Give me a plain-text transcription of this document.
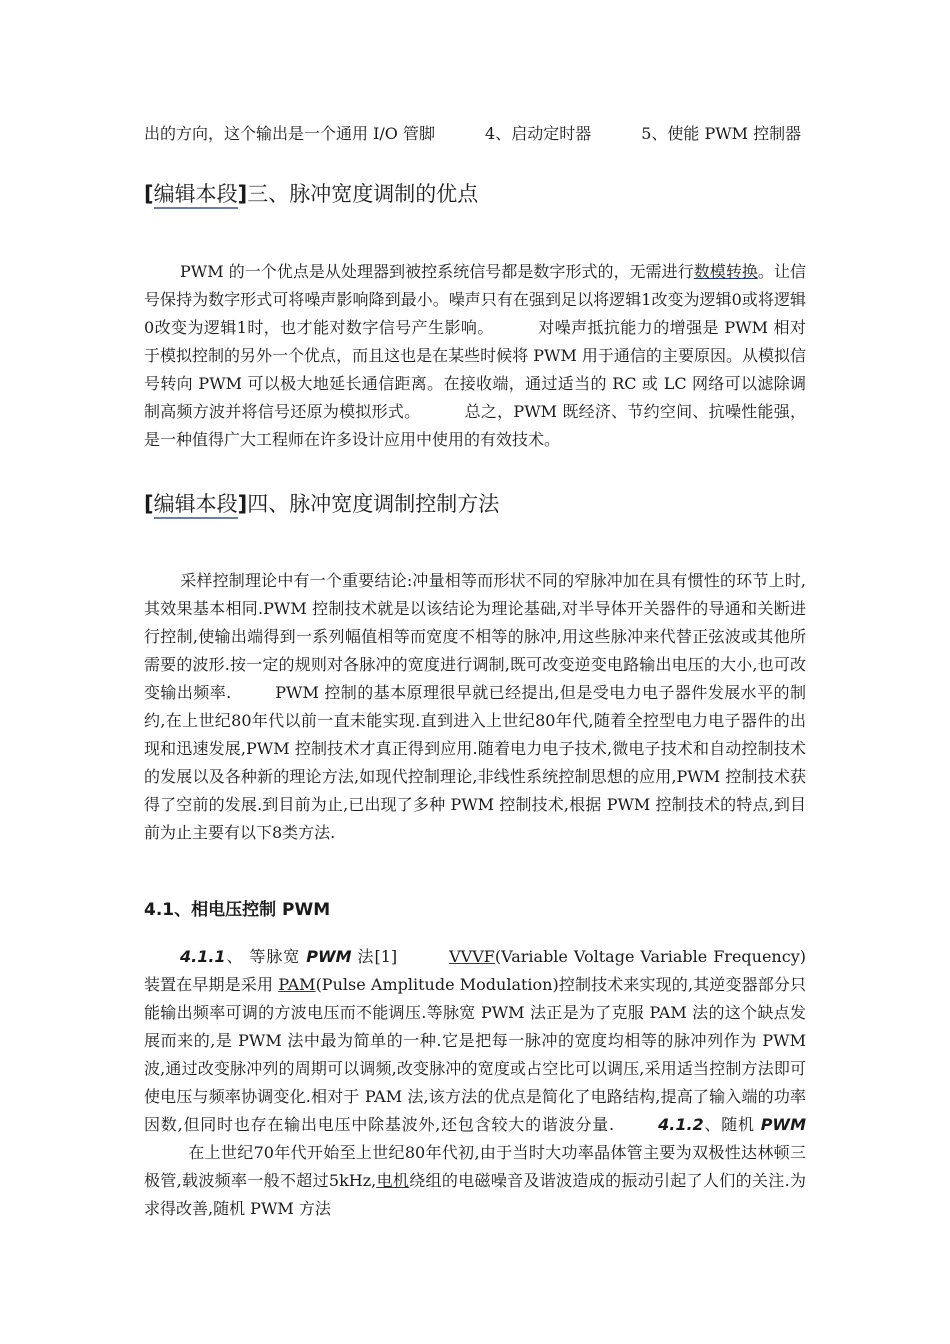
出的方向，这个输出是一个通用 I/O 管脚	4、启动定时器	5、使能 PWM 控制器

[编辑本段]三、脉冲宽度调制的优点

PWM 的一个优点是从处理器到被控系统信号都是数字形式的，无需进行数模转换。让信号保持为数字形式可将噪声影响降到最小。噪声只有在强到足以将逻辑1改变为逻辑0或将逻辑0改变为逻辑1时，也才能对数字信号产生影响。	对噪声抵抗能力的增强是 PWM 相对于模拟控制的另外一个优点，而且这也是在某些时候将 PWM 用于通信的主要原因。从模拟信号转向 PWM 可以极大地延长通信距离。在接收端，通过适当的 RC 或 LC 网络可以滤除调制高频方波并将信号还原为模拟形式。	总之，PWM 既经济、节约空间、抗噪性能强，是一种值得广大工程师在许多设计应用中使用的有效技术。

[编辑本段]四、脉冲宽度调制控制方法

采样控制理论中有一个重要结论:冲量相等而形状不同的窄脉冲加在具有惯性的环节上时,其效果基本相同.PWM 控制技术就是以该结论为理论基础,对半导体开关器件的导通和关断进行控制,使输出端得到一系列幅值相等而宽度不相等的脉冲,用这些脉冲来代替正弦波或其他所需要的波形.按一定的规则对各脉冲的宽度进行调制,既可改变逆变电路输出电压的大小,也可改变输出频率.	PWM 控制的基本原理很早就已经提出,但是受电力电子器件发展水平的制约,在上世纪80年代以前一直未能实现.直到进入上世纪80年代,随着全控型电力电子器件的出现和迅速发展,PWM 控制技术才真正得到应用.随着电力电子技术,微电子技术和自动控制技术的发展以及各种新的理论方法,如现代控制理论,非线性系统控制思想的应用,PWM 控制技术获得了空前的发展.到目前为止,已出现了多种 PWM 控制技术,根据 PWM 控制技术的特点,到目前为止主要有以下8类方法.

4.1、相电压控制 PWM

4.1.1、 等脉宽 PWM 法[1]	VVVF(Variable Voltage Variable Frequency)装置在早期是采用 PAM(Pulse Amplitude Modulation)控制技术来实现的,其逆变器部分只能输出频率可调的方波电压而不能调压.等脉宽 PWM 法正是为了克服 PAM 法的这个缺点发展而来的,是 PWM 法中最为简单的一种.它是把每一脉冲的宽度均相等的脉冲列作为 PWM 波,通过改变脉冲列的周期可以调频,改变脉冲的宽度或占空比可以调压,采用适当控制方法即可使电压与频率协调变化.相对于 PAM 法,该方法的优点是简化了电路结构,提高了输入端的功率因数,但同时也存在输出电压中除基波外,还包含较大的谐波分量.	4.1.2、随机 PWM在上世纪70年代开始至上世纪80年代初,由于当时大功率晶体管主要为双极性达林顿三极管,载波频率一般不超过5kHz,电机绕组的电磁噪音及谐波造成的振动引起了人们的关注.为求得改善,随机 PWM 方法
